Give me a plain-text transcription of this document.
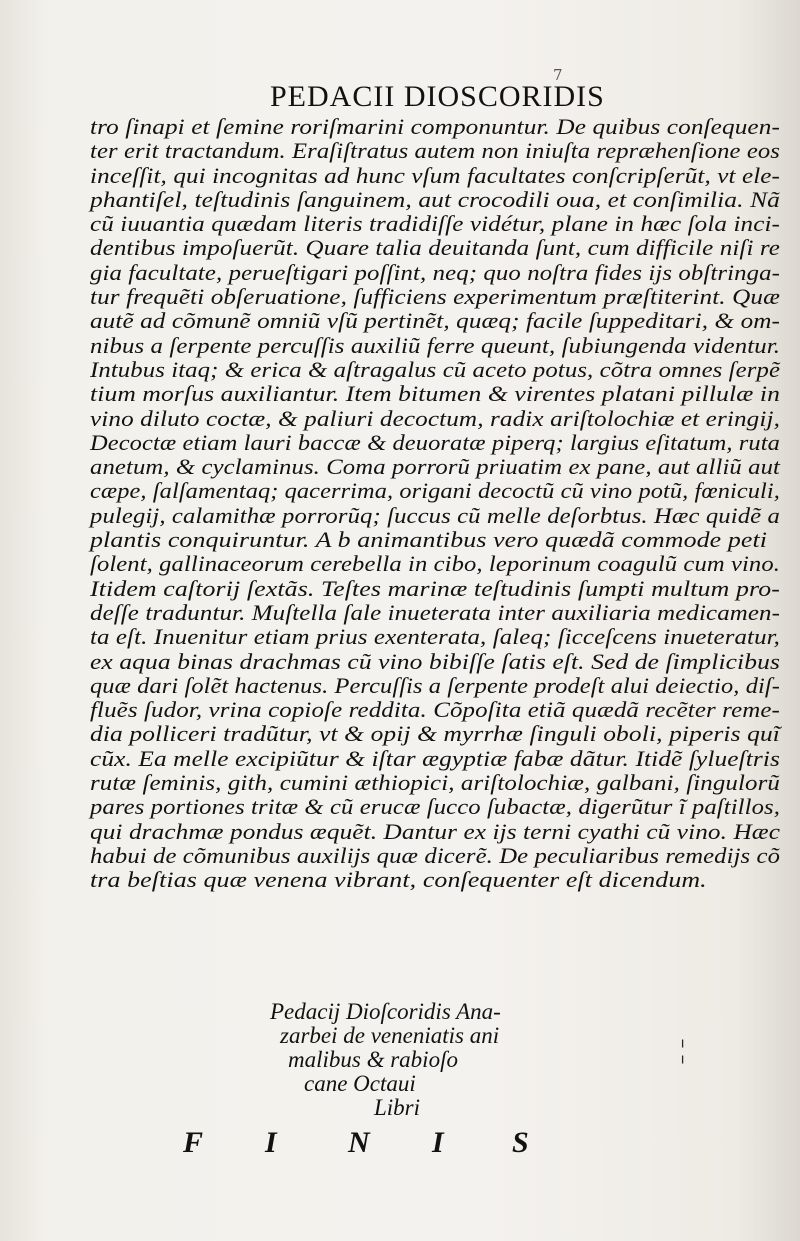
7
PEDACII DIOSCORIDIS
tro ſinapi et ſemine roriſmarini componuntur. De quibus conſequen-
ter erit tractandum. Eraſiſtratus autem non iniuſta repræhenſione eos
inceſſit, qui incognitas ad hunc vſum facultates conſcripſerũt, vt ele-
phantiſel, teſtudinis ſanguinem, aut crocodili oua, et conſimilia. Nã
cũ iuuantia quædam literis tradidiſſe vidétur, plane in hæc ſola inci-
dentibus impoſuerũt. Quare talia deuitanda ſunt, cum difficile niſi re
gia facultate, perueſtigari poſſint, neq; quo noſtra fides ijs obſtringa-
tur frequẽti obſeruatione, ſufficiens experimentum præſtiterint. Quæ
autẽ ad cõmunẽ omniũ vſũ pertinẽt, quæq; facile ſuppeditari, & om-
nibus a ſerpente percuſſis auxiliũ ferre queunt, ſubiungenda videntur.
Intubus itaq; & erica & aſtragalus cũ aceto potus, cõtra omnes ſerpẽ
tium morſus auxiliantur. Item bitumen & virentes platani pillulæ in
vino diluto coctæ, & paliuri decoctum, radix ariſtolochiæ et eringij,
Decoctæ etiam lauri baccæ & deuoratæ piperq; largius eſitatum, ruta
anetum, & cyclaminus. Coma porrorũ priuatim ex pane, aut alliũ aut
cæpe, ſalſamentaq; qacerrima, origani decoctũ cũ vino potũ, fœniculi,
pulegij, calamithæ porrorũq; ſuccus cũ melle deſorbtus. Hæc quidẽ a
plantis conquiruntur. A b animantibus vero quædã commode peti
ſolent, gallinaceorum cerebella in cibo, leporinum coagulũ cum vino.
Itidem caſtorij ſextãs. Teſtes marinæ teſtudinis ſumpti multum pro-
deſſe traduntur. Muſtella ſale inueterata inter auxiliaria medicamen-
ta eſt. Inuenitur etiam prius exenterata, ſaleq; ſicceſcens inueteratur,
ex aqua binas drachmas cũ vino bibiſſe ſatis eſt. Sed de ſimplicibus
quæ dari ſolẽt hactenus. Percuſſis a ſerpente prodeſt alui deiectio, diſ-
fluẽs ſudor, vrina copioſe reddita. Cõpoſita etiã quædã recẽter reme-
dia polliceri tradũtur, vt & opij & myrrhæ ſinguli oboli, piperis quĩ
cũx. Ea melle excipiũtur & iſtar ægyptiæ fabæ dãtur. Itidẽ ſylueſtris
rutæ ſeminis, gith, cumini æthiopici, ariſtolochiæ, galbani, ſingulorũ
pares portiones tritæ & cũ erucæ ſucco ſubactæ, digerũtur ĩ paſtillos,
qui drachmæ pondus æquẽt. Dantur ex ijs terni cyathi cũ vino. Hæc
habui de cõmunibus auxilijs quæ dicerẽ. De peculiaribus remedijs cõ
tra beſtias quæ venena vibrant, conſequenter eſt dicendum.
Pedacij Dioſcoridis Ana-
zarbei de veneniatis ani
malibus & rabioſo
cane Octaui
Libri
¦
F I N I S
